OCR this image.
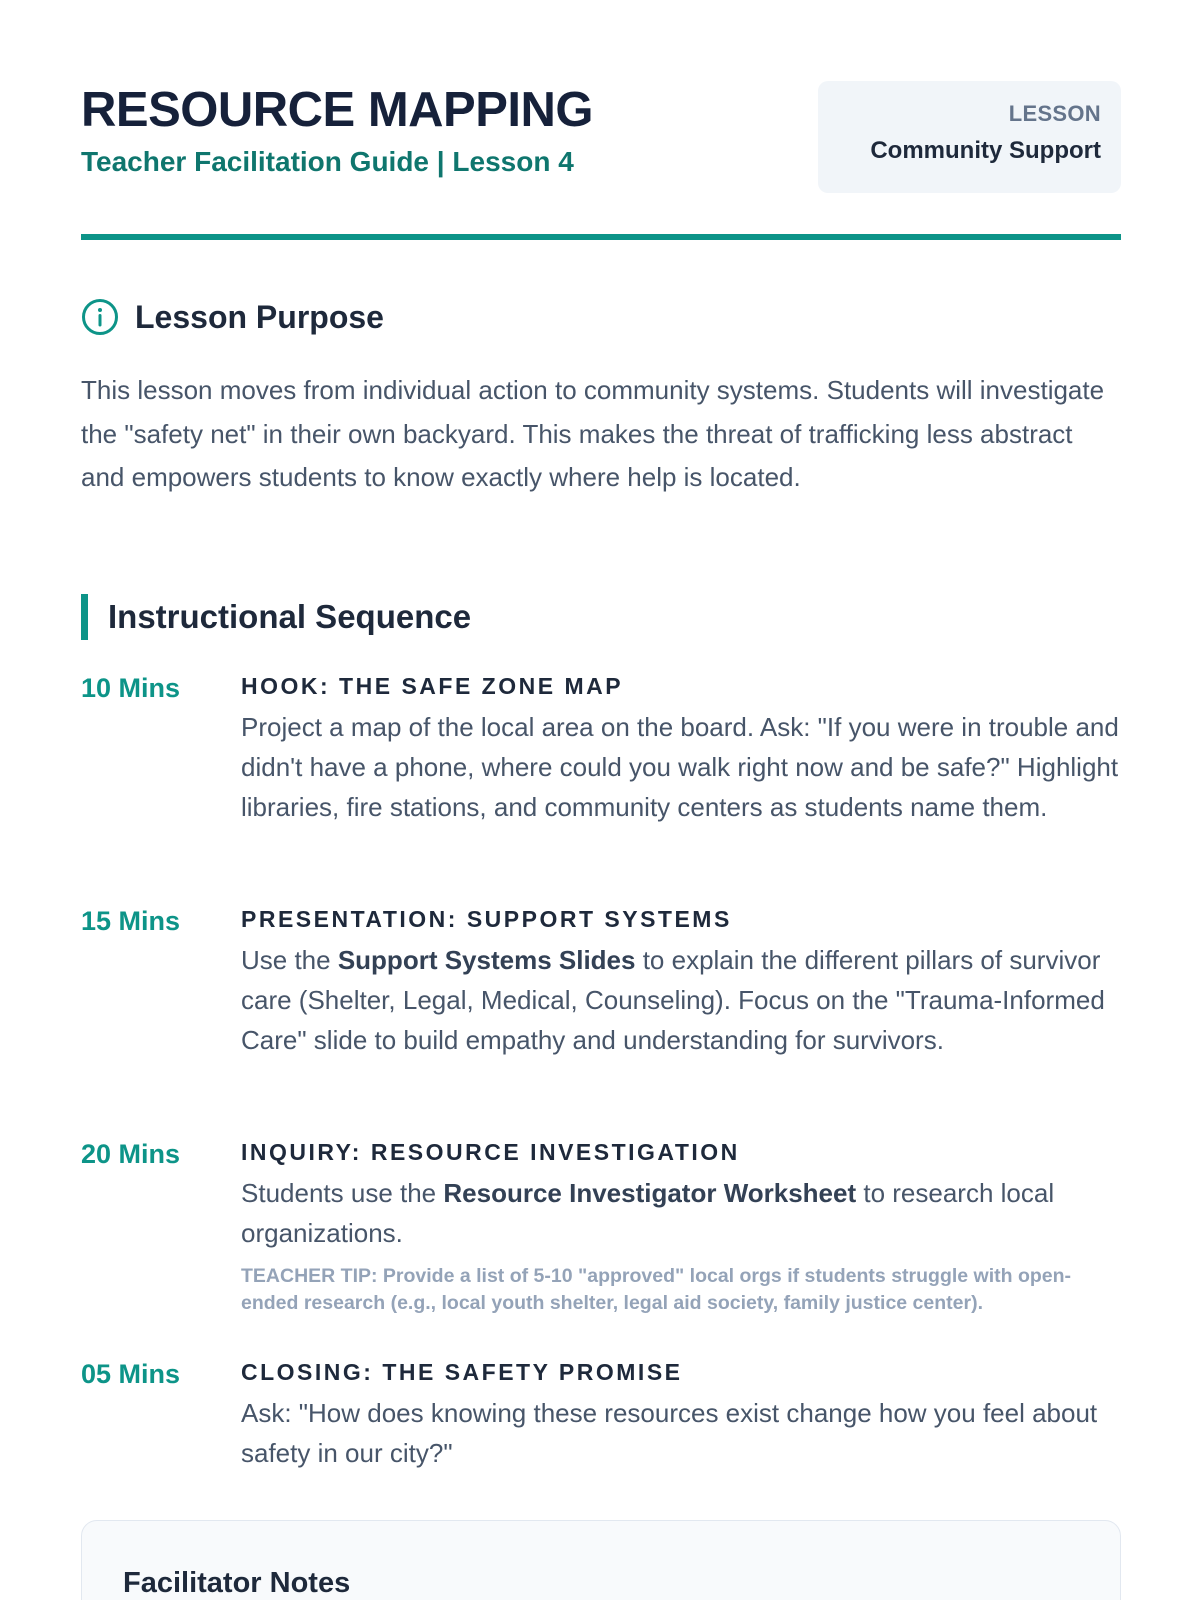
RESOURCE MAPPING
Teacher Facilitation Guide | Lesson 4
LESSON
Community Support
Lesson Purpose

This lesson moves from individual action to community systems. Students will investigate the "safety net" in their own backyard. This makes the threat of trafficking less abstract and empowers students to know exactly where help is located.

Instructional Sequence
10 Mins	HOOK: THE SAFE ZONE MAP

Project a map of the local area on the board. Ask: "If you were in trouble and didn't have a phone, where could you walk right now and be safe?" Highlight libraries, fire stations, and community centers as students name them.

15 Mins	PRESENTATION: SUPPORT SYSTEMS

Use the Support Systems Slides to explain the different pillars of survivor care (Shelter, Legal, Medical, Counseling). Focus on the "Trauma-Informed Care" slide to build empathy and understanding for survivors.

20 Mins	INQUIRY: RESOURCE INVESTIGATION

Students use the Resource Investigator Worksheet to research local organizations.

TEACHER TIP: Provide a list of 5-10 "approved" local orgs if students struggle with open-ended research (e.g., local youth shelter, legal aid society, family justice center).

05 Mins	CLOSING: THE SAFETY PROMISE

Ask: "How does knowing these resources exist change how you feel about safety in our city?"

Facilitator Notes
